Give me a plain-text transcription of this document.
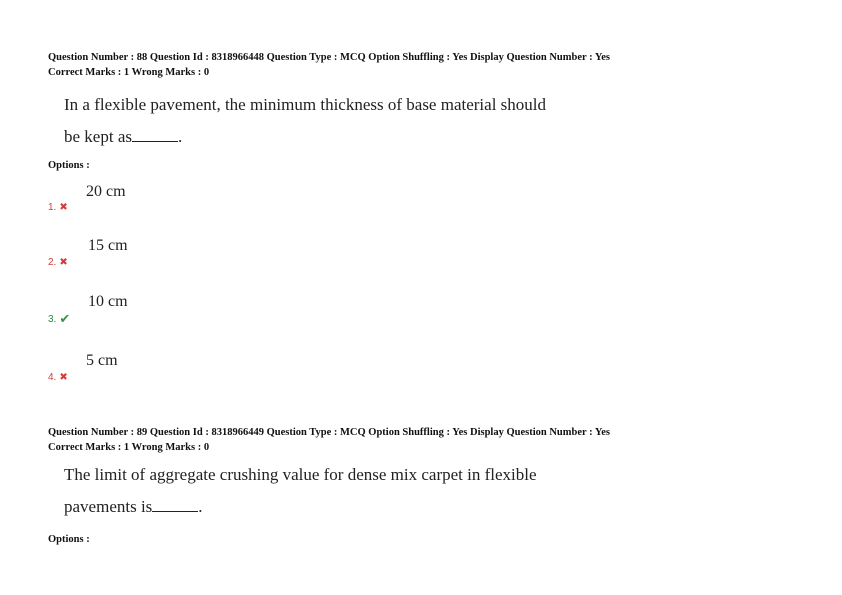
Question Number : 88 Question Id : 8318966448 Question Type : MCQ Option Shuffling : Yes Display Question Number : Yes
Correct Marks : 1 Wrong Marks : 0
In a flexible pavement, the minimum thickness of base material should
be kept as	.
Options :
20 cm
1. ✖
15 cm
2. ✖
10 cm
3. ✔
5 cm
4. ✖
Question Number : 89 Question Id : 8318966449 Question Type : MCQ Option Shuffling : Yes Display Question Number : Yes
Correct Marks : 1 Wrong Marks : 0
The limit of aggregate crushing value for dense mix carpet in flexible
pavements is	.
Options :
